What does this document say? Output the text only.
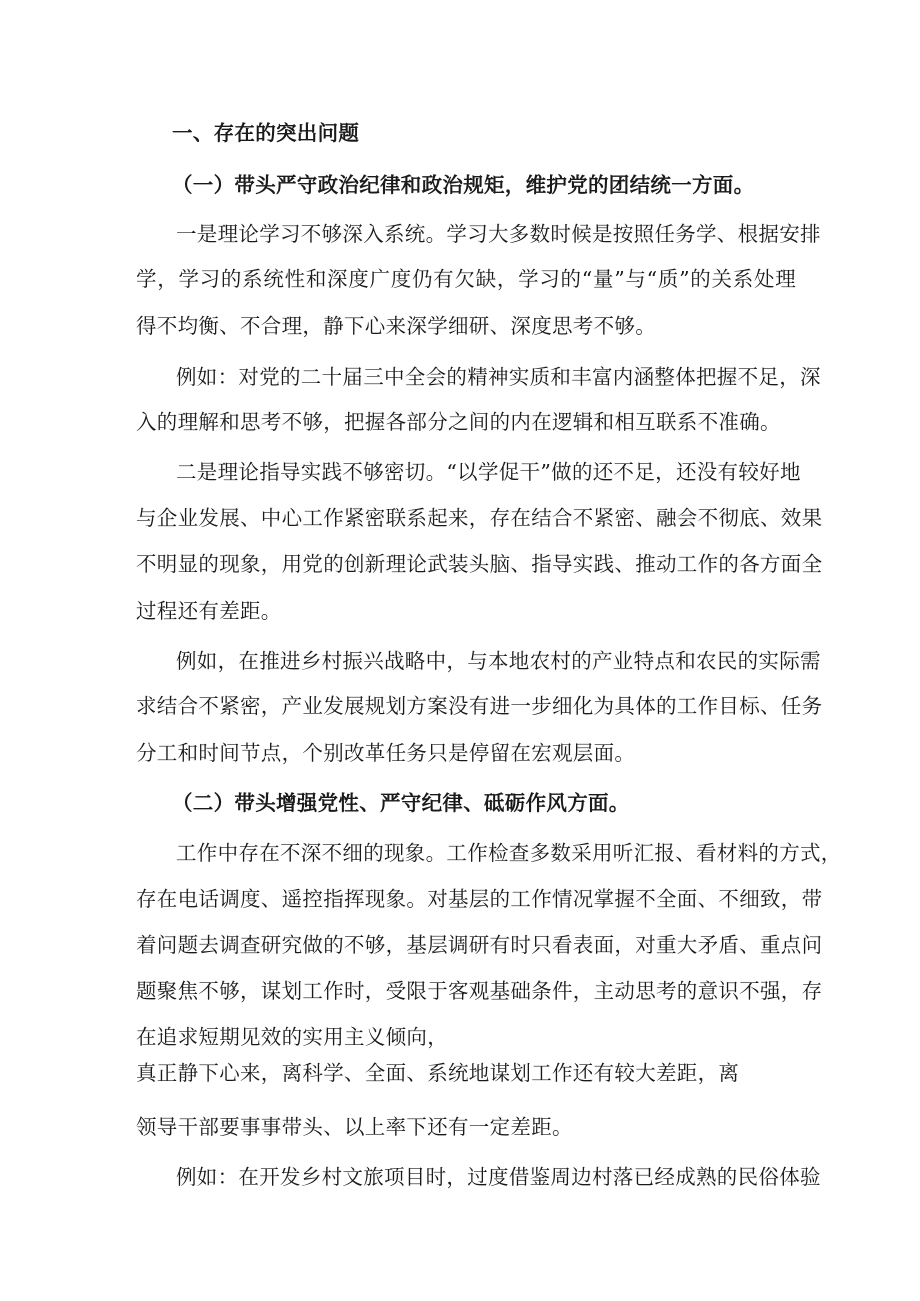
一、存在的突出问题
（一）带头严守政治纪律和政治规矩，维护党的团结统一方面。
一是理论学习不够深入系统。学习大多数时候是按照任务学、根据安排
学，学习的系统性和深度广度仍有欠缺，学习的“量”与“质”的关系处理
得不均衡、不合理，静下心来深学细研、深度思考不够。
例如：对党的二十届三中全会的精神实质和丰富内涵整体把握不足，深
入的理解和思考不够，把握各部分之间的内在逻辑和相互联系不准确。
二是理论指导实践不够密切。“以学促干”做的还不足，还没有较好地
与企业发展、中心工作紧密联系起来，存在结合不紧密、融会不彻底、效果
不明显的现象，用党的创新理论武装头脑、指导实践、推动工作的各方面全
过程还有差距。
例如，在推进乡村振兴战略中，与本地农村的产业特点和农民的实际需
求结合不紧密，产业发展规划方案没有进一步细化为具体的工作目标、任务
分工和时间节点，个别改革任务只是停留在宏观层面。
（二）带头增强党性、严守纪律、砥砺作风方面。
工作中存在不深不细的现象。工作检查多数采用听汇报、看材料的方式，
存在电话调度、遥控指挥现象。对基层的工作情况掌握不全面、不细致，带
着问题去调查研究做的不够，基层调研有时只看表面，对重大矛盾、重点问
题聚焦不够，谋划工作时，受限于客观基础条件，主动思考的意识不强，存
在追求短期见效的实用主义倾向，
真正静下心来，离科学、全面、系统地谋划工作还有较大差距，离
领导干部要事事带头、以上率下还有一定差距。
例如：在开发乡村文旅项目时，过度借鉴周边村落已经成熟的民俗体验
